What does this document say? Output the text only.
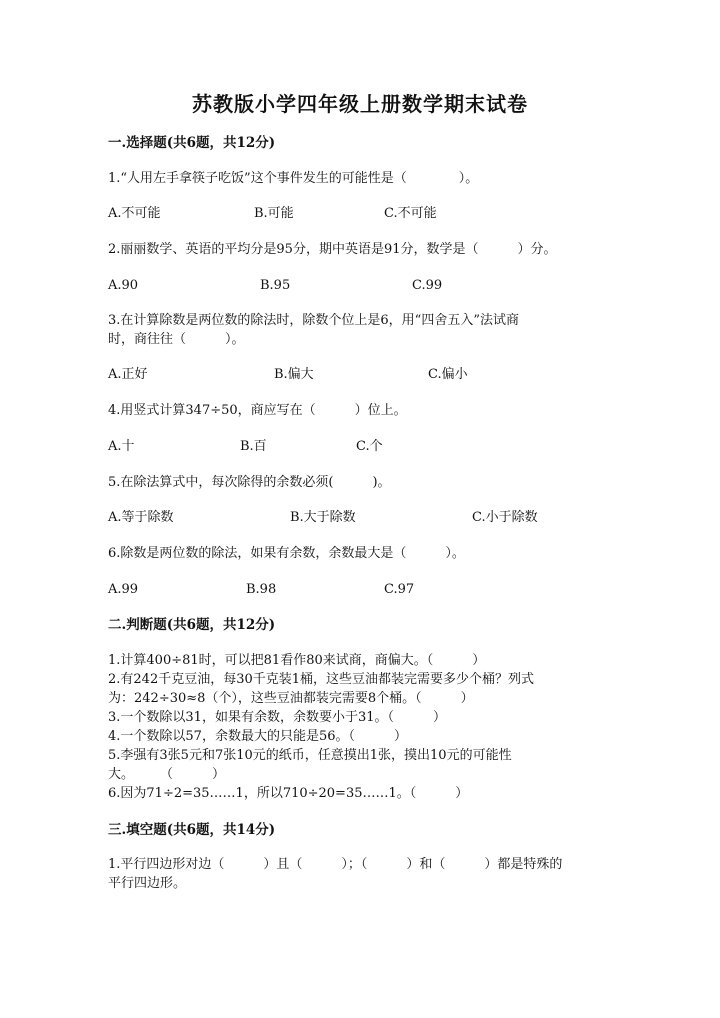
苏教版小学四年级上册数学期末试卷
一.选择题(共6题，共12分)
1.“人用左手拿筷子吃饭”这个事件发生的可能性是（　　　　）。
A.不可能	B.可能	C.不可能
2.丽丽数学、英语的平均分是95分，期中英语是91分，数学是（　　　）分。
A.90	B.95	C.99
3.在计算除数是两位数的除法时，除数个位上是6，用“四舍五入”法试商
时，商往往（　　　）。
A.正好	B.偏大	C.偏小
4.用竖式计算347÷50，商应写在（　　　）位上。
A.十	B.百	C.个
5.在除法算式中，每次除得的余数必须(　　　)。
A.等于除数	B.大于除数	C.小于除数
6.除数是两位数的除法，如果有余数，余数最大是（　　　）。
A.99	B.98	C.97
二.判断题(共6题，共12分)
1.计算400÷81时，可以把81看作80来试商，商偏大。（　　　）
2.有242千克豆油，每30千克装1桶，这些豆油都装完需要多少个桶？列式
为：242÷30≈8（个），这些豆油都装完需要8个桶。（　　　）
3.一个数除以31，如果有余数，余数要小于31。（　　　）
4.一个数除以57，余数最大的只能是56。（　　　）
5.李强有3张5元和7张10元的纸币，任意摸出1张，摸出10元的可能性
大。　　　（　　　）
6.因为71÷2=35……1，所以710÷20=35……1。（　　　）
三.填空题(共6题，共14分)
1.平行四边形对边（　　　）且（　　　）；（　　　）和（　　　）都是特殊的
平行四边形。
